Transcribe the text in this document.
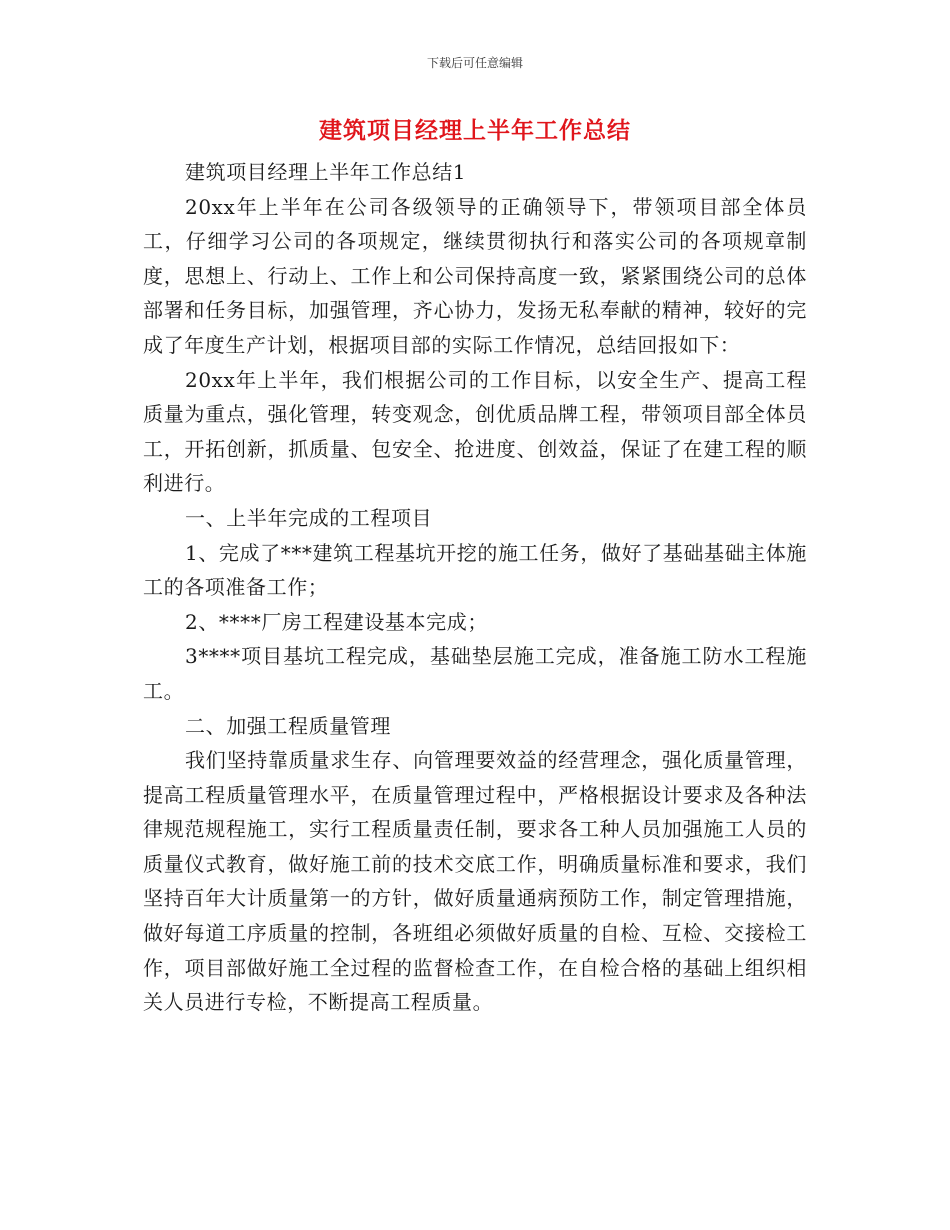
下载后可任意编辑
建筑项目经理上半年工作总结

建筑项目经理上半年工作总结1

20xx年上半年在公司各级领导的正确领导下，带领项目部全体员工，仔细学习公司的各项规定，继续贯彻执行和落实公司的各项规章制度，思想上、行动上、工作上和公司保持高度一致，紧紧围绕公司的总体部署和任务目标，加强管理，齐心协力，发扬无私奉献的精神，较好的完成了年度生产计划，根据项目部的实际工作情况，总结回报如下：

20xx年上半年，我们根据公司的工作目标，以安全生产、提高工程质量为重点，强化管理，转变观念，创优质品牌工程，带领项目部全体员工，开拓创新，抓质量、包安全、抢进度、创效益，保证了在建工程的顺利进行。

一、上半年完成的工程项目

1、完成了***建筑工程基坑开挖的施工任务，做好了基础基础主体施工的各项准备工作；

2、****厂房工程建设基本完成；

3****项目基坑工程完成，基础垫层施工完成，准备施工防水工程施工。

二、加强工程质量管理

我们坚持靠质量求生存、向管理要效益的经营理念，强化质量管理，提高工程质量管理水平，在质量管理过程中，严格根据设计要求及各种法律规范规程施工，实行工程质量责任制，要求各工种人员加强施工人员的质量仪式教育，做好施工前的技术交底工作，明确质量标准和要求，我们坚持百年大计质量第一的方针，做好质量通病预防工作，制定管理措施，做好每道工序质量的控制，各班组必须做好质量的自检、互检、交接检工作，项目部做好施工全过程的监督检查工作，在自检合格的基础上组织相关人员进行专检，不断提高工程质量。
